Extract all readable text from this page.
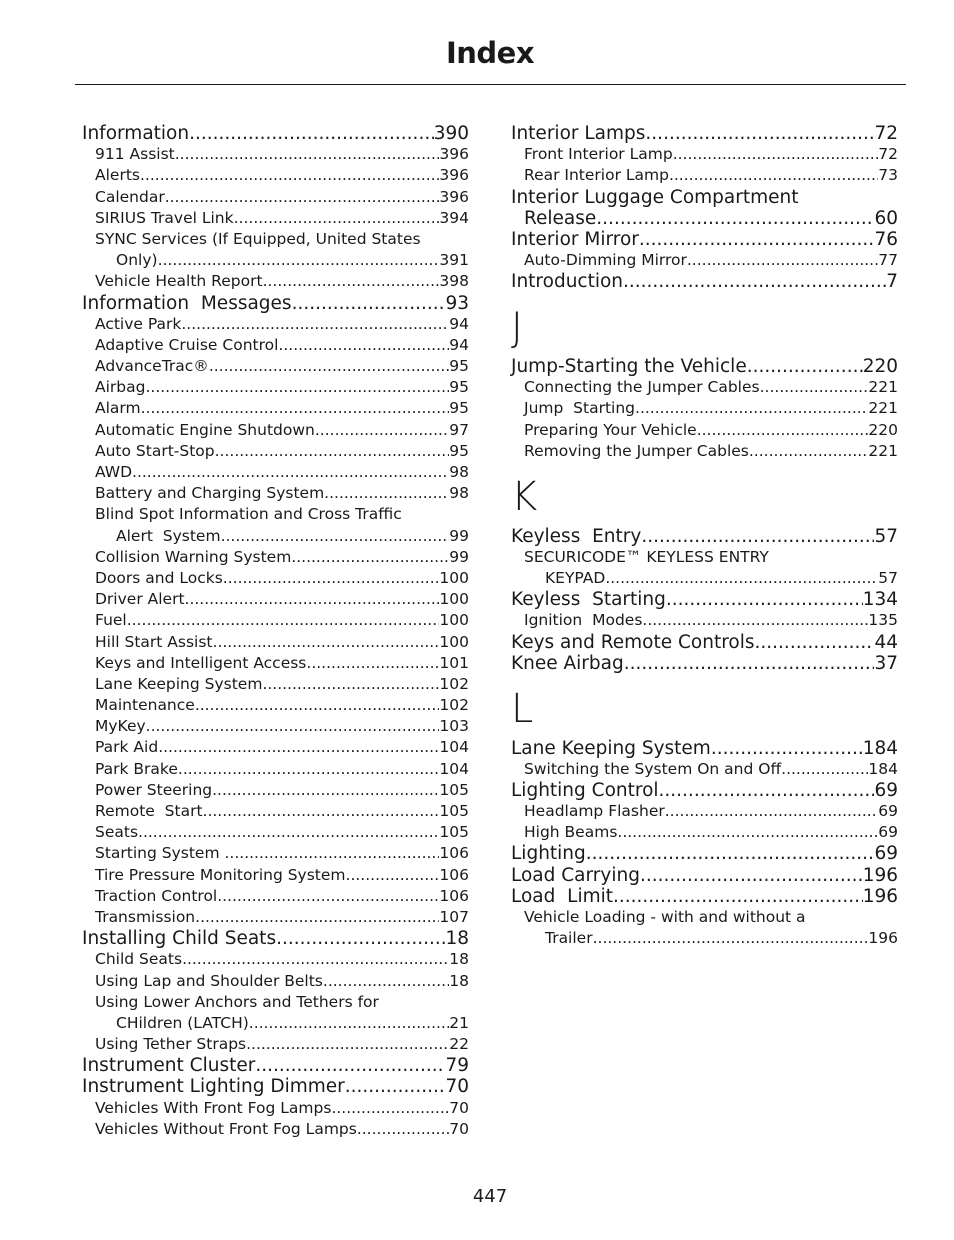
Index
Information .....	390
911 Assist .....	396
Alerts .....	396
Calendar .....	396
SIRIUS Travel Link .....	394
SYNC Services (If Equipped, United States
Only) .....	391
Vehicle Health Report .....	398
Information  Messages .....	93
Active Park .....	94
Adaptive Cruise Control .....	94
AdvanceTrac® .....	95
Airbag .....	95
Alarm .....	95
Automatic Engine Shutdown .....	97
Auto Start-Stop .....	95
AWD .....	98
Battery and Charging System .....	98
Blind Spot Information and Cross Traffic
Alert  System .....	99
Collision Warning System .....	99
Doors and Locks .....	100
Driver Alert .....	100
Fuel .....	100
Hill Start Assist .....	100
Keys and Intelligent Access .....	101
Lane Keeping System .....	102
Maintenance .....	102
MyKey .....	103
Park Aid .....	104
Park Brake .....	104
Power Steering .....	105
Remote  Start .....	105
Seats .....	105
Starting System .....	106
Tire Pressure Monitoring System .....	106
Traction Control .....	106
Transmission .....	107
Installing Child Seats .....	18
Child Seats .....	18
Using Lap and Shoulder Belts .....	18
Using Lower Anchors and Tethers for
CHildren (LATCH) .....	21
Using Tether Straps .....	22
Instrument Cluster .....	79
Instrument Lighting Dimmer .....	70
Vehicles With Front Fog Lamps .....	70
Vehicles Without Front Fog Lamps .....	70
Interior Lamps .....	72
Front Interior Lamp .....	72
Rear Interior Lamp .....	73
Interior Luggage Compartment
Release .....	60
Interior Mirror .....	76
Auto-Dimming Mirror .....	77
Introduction .....	7
J
Jump-Starting the Vehicle .....	220
Connecting the Jumper Cables .....	221
Jump  Starting .....	221
Preparing Your Vehicle .....	220
Removing the Jumper Cables .....	221
K
Keyless  Entry .....	57
SECURICODE™ KEYLESS ENTRY
KEYPAD .....	57
Keyless  Starting .....	134
Ignition  Modes .....	135
Keys and Remote Controls .....	44
Knee Airbag .....	37
L
Lane Keeping System .....	184
Switching the System On and Off .....	184
Lighting Control .....	69
Headlamp Flasher .....	69
High Beams .....	69
Lighting .....	69
Load Carrying .....	196
Load  Limit .....	196
Vehicle Loading - with and without a
Trailer .....	196
447
